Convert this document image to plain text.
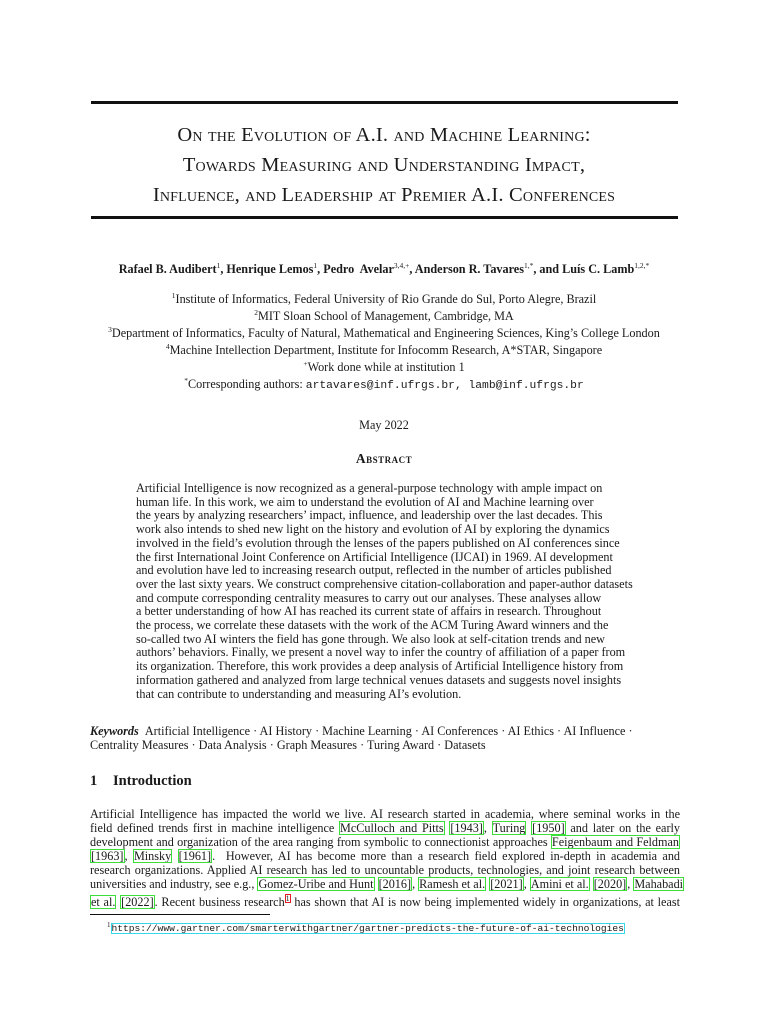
On the Evolution of A.I. and Machine Learning:
Towards Measuring and Understanding Impact,
Influence, and Leadership at Premier A.I. Conferences
Rafael B. Audibert$^1$, Henrique Lemos$^1$, Pedro  Avelar$^{3,4,+}$, Anderson R. Tavares$^{1,*}$, and Luís C. Lamb$^{1,2,*}$
$^1$Institute of Informatics, Federal University of Rio Grande do Sul, Porto Alegre, Brazil
$^2$MIT Sloan School of Management, Cambridge, MA
$^3$Department of Informatics, Faculty of Natural, Mathematical and Engineering Sciences, King’s College London
$^4$Machine Intellection Department, Institute for Infocomm Research, A*STAR, Singapore
+Work done while at institution 1
*Corresponding authors: artavares@inf.ufrgs.br, lamb@inf.ufrgs.br
May 2022
Abstract
Artificial Intelligence is now recognized as a general-purpose technology with ample impact on
human life. In this work, we aim to understand the evolution of AI and Machine learning over
the years by analyzing researchers’ impact, influence, and leadership over the last decades. This
work also intends to shed new light on the history and evolution of AI by exploring the dynamics
involved in the field’s evolution through the lenses of the papers published on AI conferences since
the first International Joint Conference on Artificial Intelligence (IJCAI) in 1969. AI development
and evolution have led to increasing research output, reflected in the number of articles published
over the last sixty years. We construct comprehensive citation-collaboration and paper-author datasets
and compute corresponding centrality measures to carry out our analyses. These analyses allow
a better understanding of how AI has reached its current state of affairs in research. Throughout
the process, we correlate these datasets with the work of the ACM Turing Award winners and the
so-called two AI winters the field has gone through. We also look at self-citation trends and new
authors’ behaviors. Finally, we present a novel way to infer the country of affiliation of a paper from
its organization. Therefore, this work provides a deep analysis of Artificial Intelligence history from
information gathered and analyzed from large technical venues datasets and suggests novel insights
that can contribute to understanding and measuring AI’s evolution.
Keywords Artificial Intelligence · AI History · Machine Learning · AI Conferences · AI Ethics · AI Influence ·
Centrality Measures · Data Analysis · Graph Measures · Turing Award · Datasets
1 Introduction
Artificial Intelligence has impacted the world we live. AI research started in academia, where seminal works in the
field defined trends first in machine intelligence McCulloch and Pitts [1943], Turing [1950] and later on the early
development and organization of the area ranging from symbolic to connectionist approaches Feigenbaum and Feldman
[1963], Minsky [1961].  However, AI has become more than a research field explored in-depth in academia and
research organizations. Applied AI research has led to uncountable products, technologies, and joint research between
universities and industry, see e.g., Gomez-Uribe and Hunt [2016], Ramesh et al. [2021], Amini et al. [2020], Mahabadi
et al. [2022]. Recent business research$^1$ has shown that AI is now being implemented widely in organizations, at least
$^1$https://www.gartner.com/smarterwithgartner/gartner-predicts-the-future-of-ai-technologies
